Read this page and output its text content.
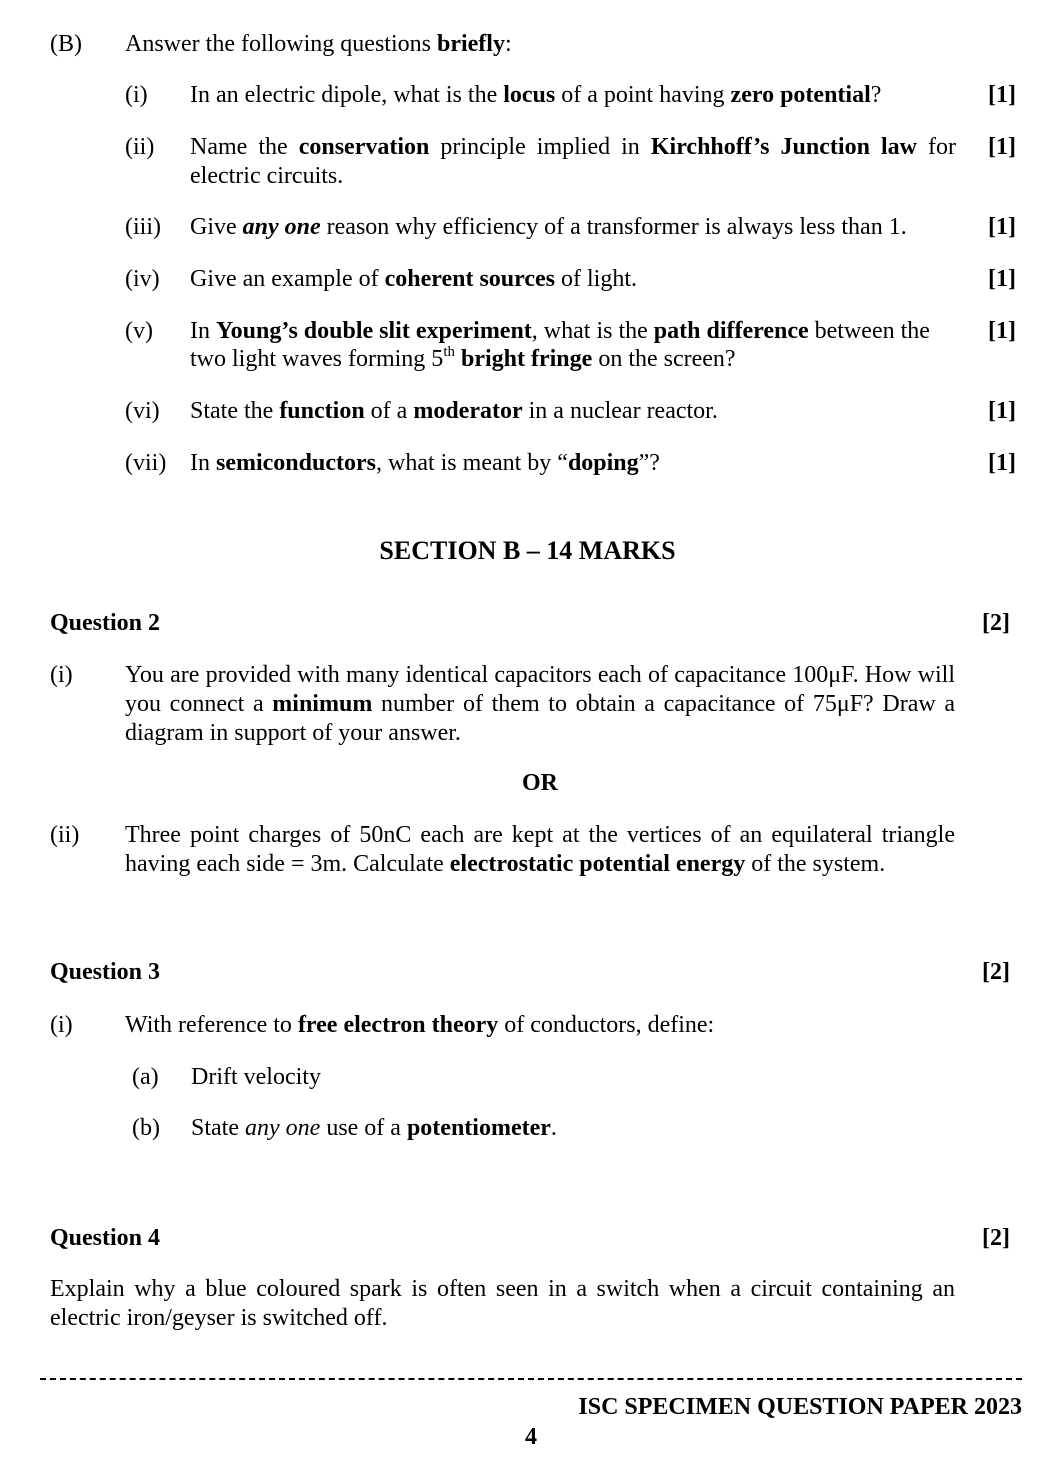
(B) Answer the following questions briefly:
(i) In an electric dipole, what is the locus of a point having zero potential?	[1]
(ii) Name the conservation principle implied in Kirchhoff’s Junction law for electric circuits.
[1]
(iii) Give any one reason why efficiency of a transformer is always less than 1.	[1]
(iv) Give an example of coherent sources of light.	[1]
(v) In Young’s double slit experiment, what is the path difference between the two light waves forming 5th bright fringe on the screen?
[1]
(vi) State the function of a moderator in a nuclear reactor.	[1]
(vii) In semiconductors, what is meant by “doping”?	[1]
SECTION B – 14 MARKS
Question 2	[2]
(i) You are provided with many identical capacitors each of capacitance 100μF. How will you connect a minimum number of them to obtain a capacitance of 75μF? Draw a diagram in support of your answer.
OR
(ii) Three point charges of 50nC each are kept at the vertices of an equilateral triangle having each side = 3m. Calculate electrostatic potential energy of the system.
Question 3	[2]
(i) With reference to free electron theory of conductors, define:
(a) Drift velocity
(b) State any one use of a potentiometer.
Question 4	[2]
Explain why a blue coloured spark is often seen in a switch when a circuit containing an electric iron/geyser is switched off.
ISC SPECIMEN QUESTION PAPER 2023
4
